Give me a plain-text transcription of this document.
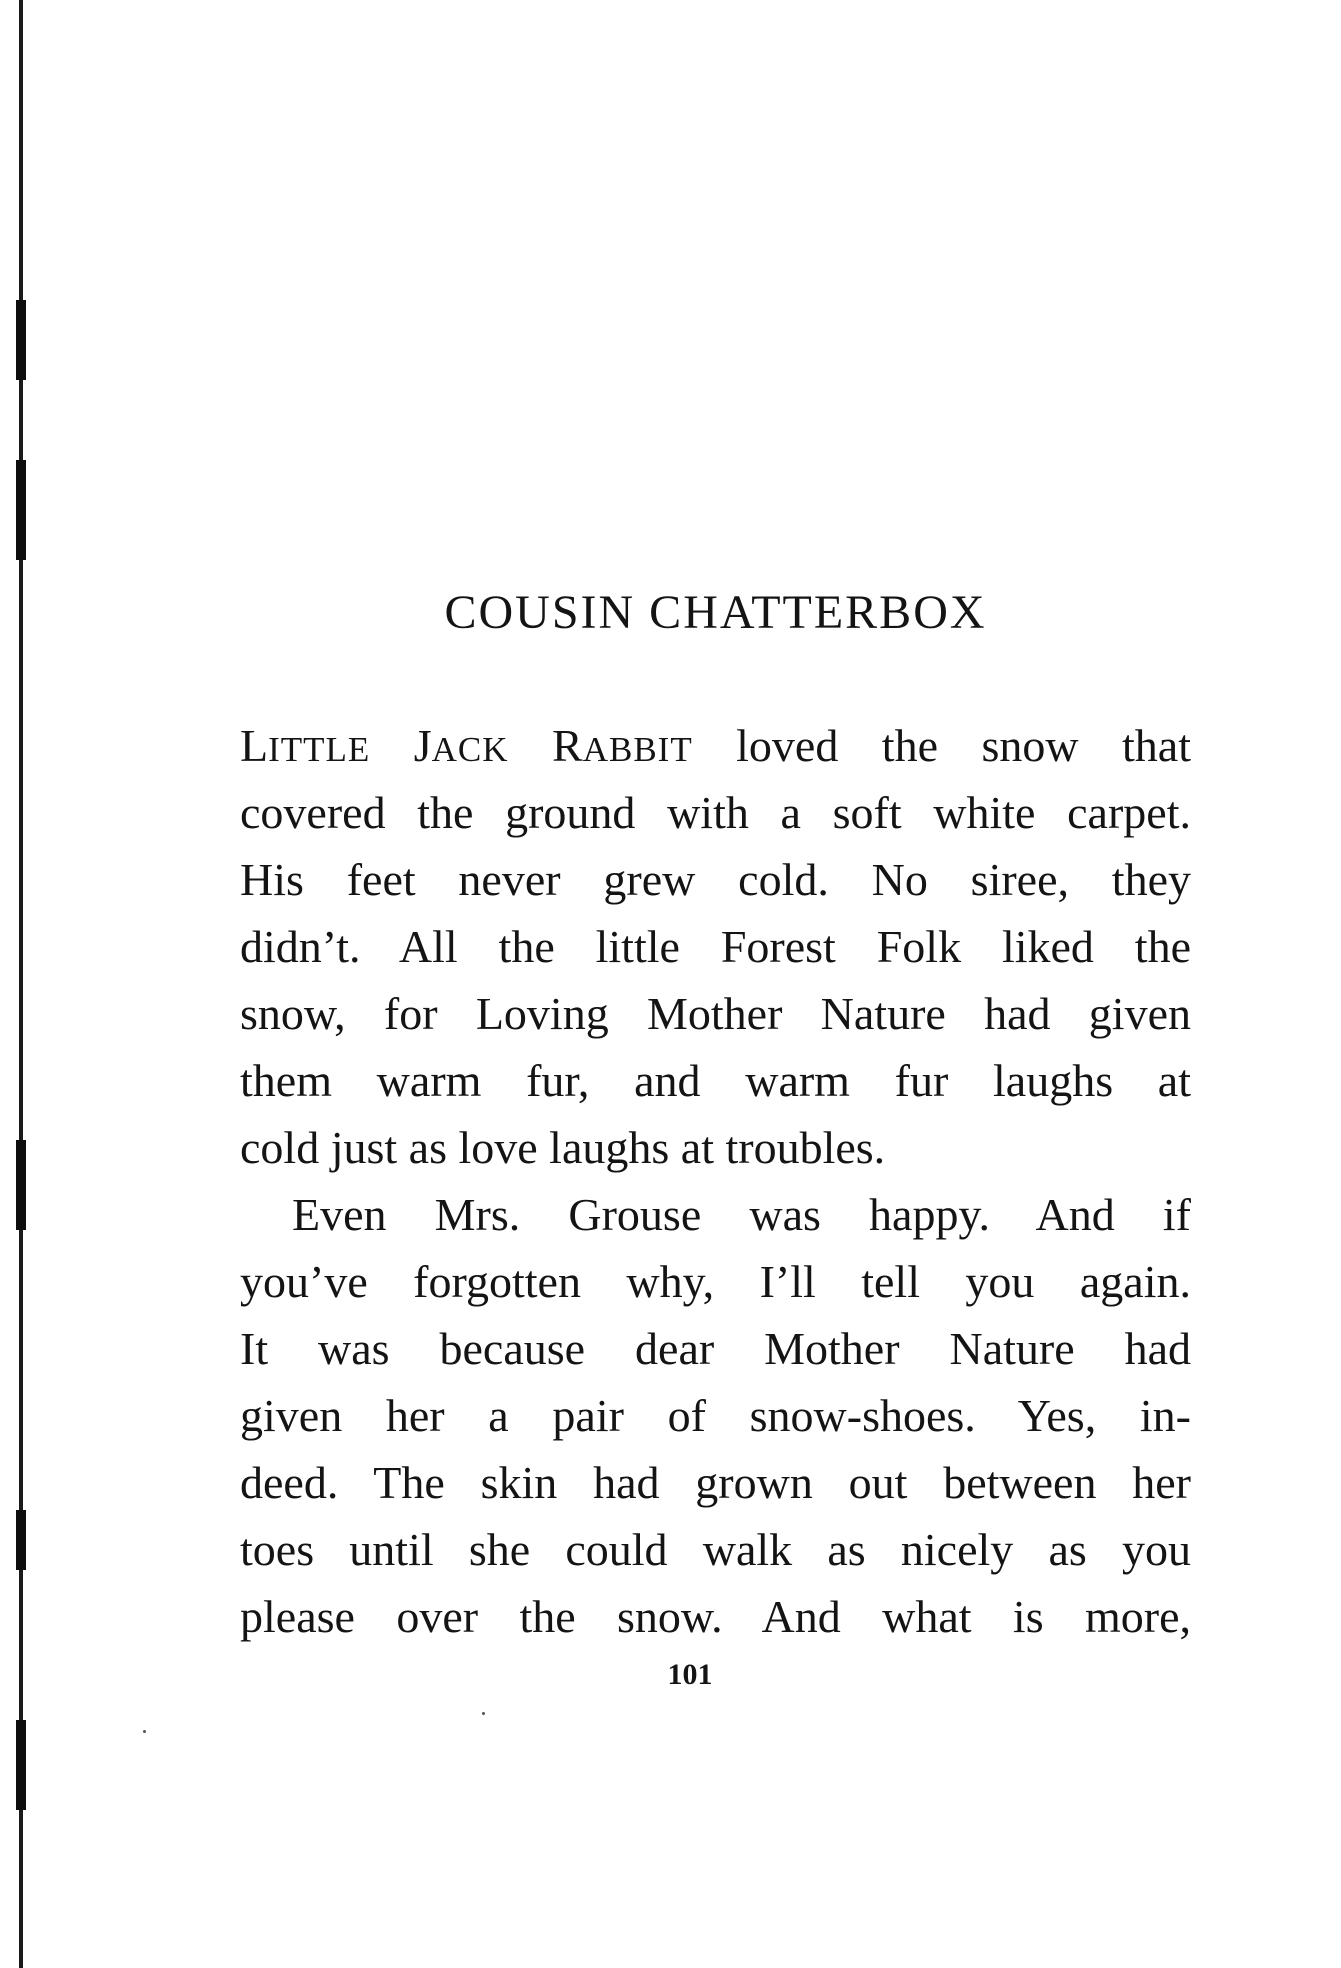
COUSIN CHATTERBOX
LITTLE JACK RABBIT loved the snow that
covered the ground with a soft white carpet.
His feet never grew cold. No siree, they
didn’t. All the little Forest Folk liked the
snow, for Loving Mother Nature had given
them warm fur, and warm fur laughs at
cold just as love laughs at troubles.
Even Mrs. Grouse was happy. And if
you’ve forgotten why, I’ll tell you again.
It was because dear Mother Nature had
given her a pair of snow-shoes. Yes, in-
deed. The skin had grown out between her
toes until she could walk as nicely as you
please over the snow. And what is more,
101
